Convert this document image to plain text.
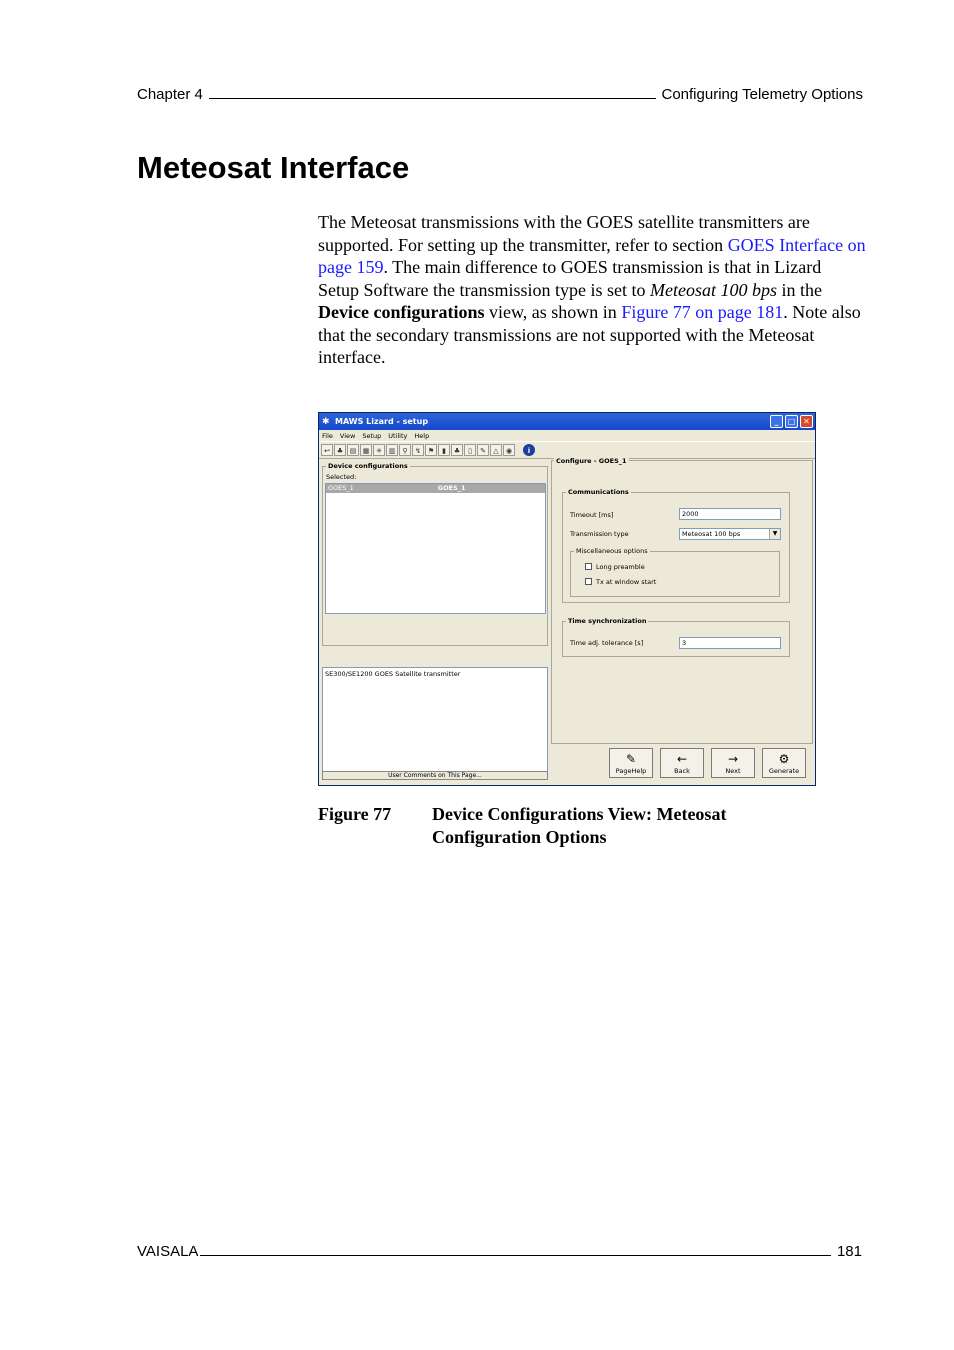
Chapter 4	Configuring Telemetry Options
Meteosat Interface

The Meteosat transmissions with the GOES satellite transmitters are supported. For setting up the transmitter, refer to section GOES Interface on page 159. The main difference to GOES transmission is that in Lizard Setup Software the transmission type is set to Meteosat 100 bps in the Device configurations view, as shown in Figure 77 on page 181. Note also that the secondary transmissions are not supported with the Meteosat interface.

✱ MAWS Lizard - setup	_	□ ✕
File View Setup Utility Help
↩ ♣ ▤ ▦ ✳ ▥	⚲	↯ ⚑	▮	♣	▯	✎	△	◉	i
Device configurations
Selected:
GOES_1	GOES_1
SE300/SE1200 GOES Satellite transmitter
User Comments on This Page...
Configure - GOES_1
Communications
Timeout [ms]	2000
Transmission type	Meteosat 100 bps	▼
Miscellaneous options
Long preamble
Tx at window start
Time synchronization
Time adj. tolerance [s]	3
✎
PageHelp
←
Back
→
Next
⚙
Generate
Figure 77	Device Configurations View: Meteosat Configuration Options
VAISALA	181
